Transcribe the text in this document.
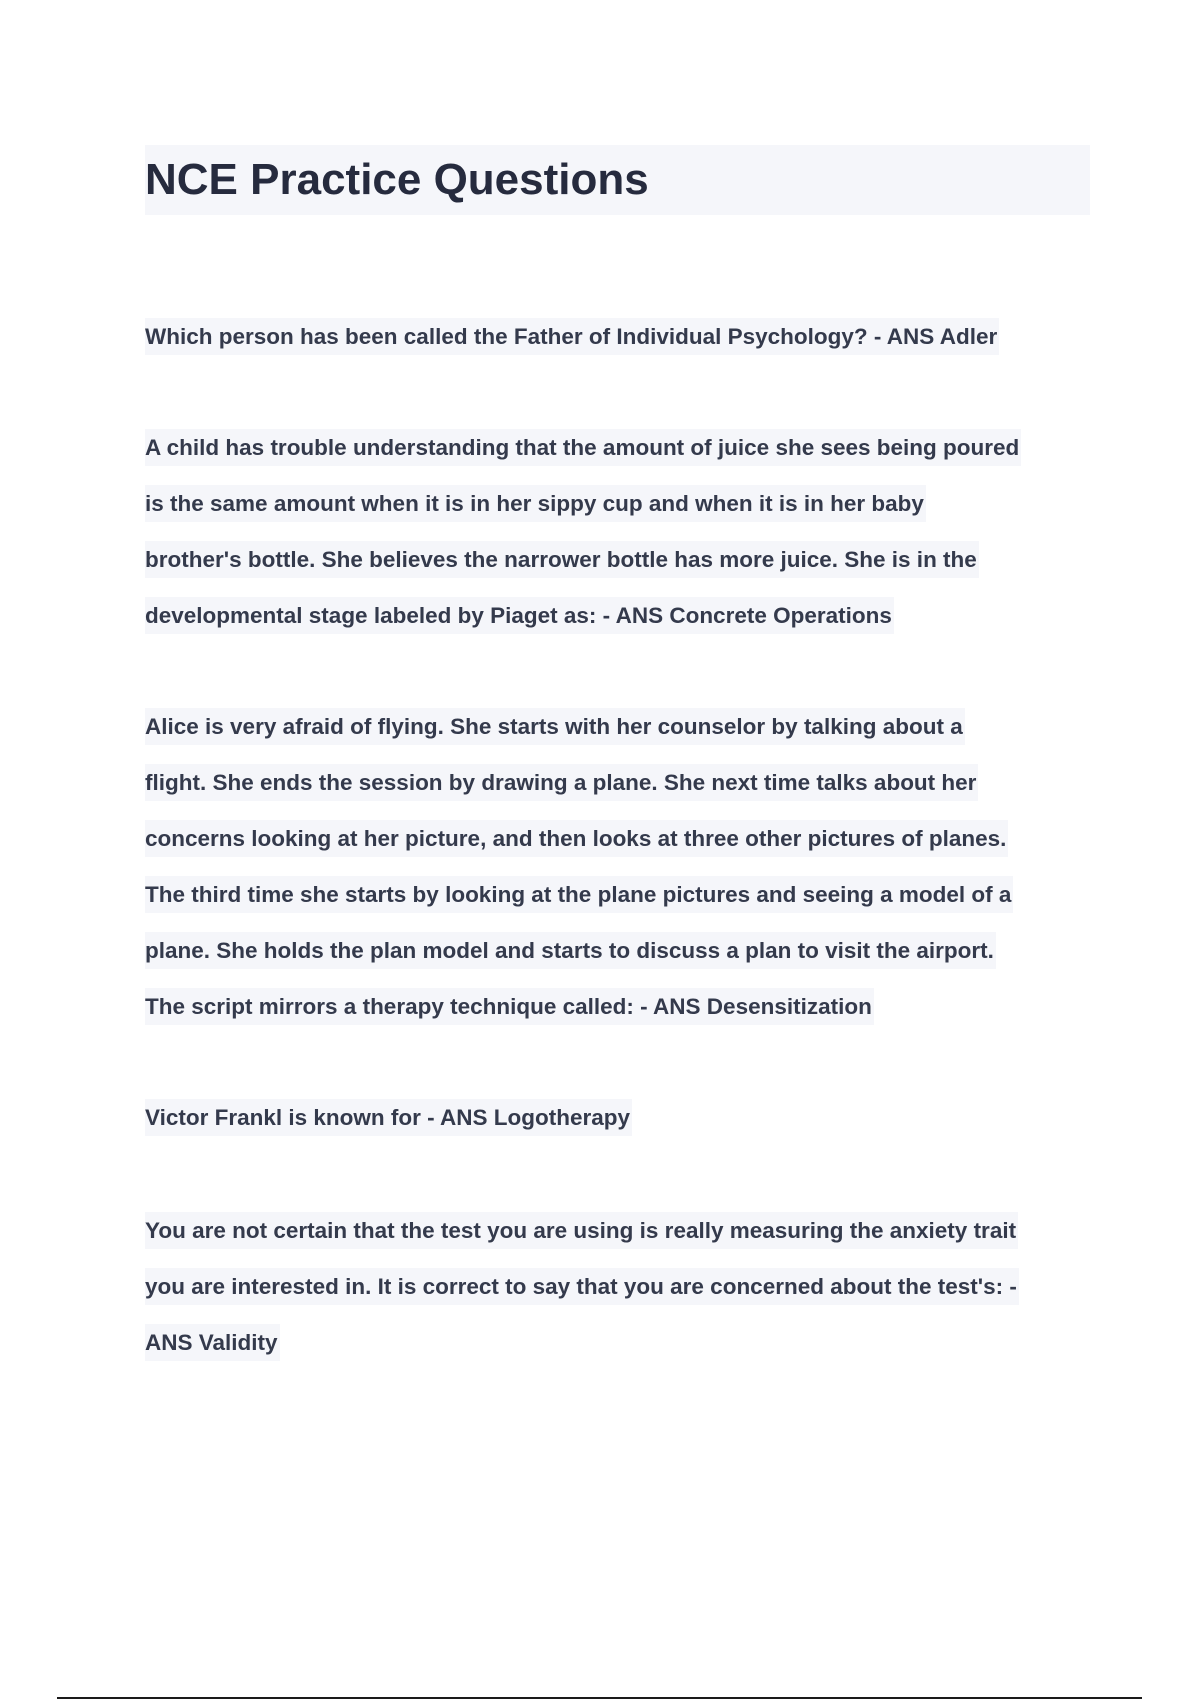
NCE Practice Questions
Which person has been called the Father of Individual Psychology? - ANS Adler
A child has trouble understanding that the amount of juice she sees being poured
is the same amount when it is in her sippy cup and when it is in her baby
brother's bottle. She believes the narrower bottle has more juice. She is in the
developmental stage labeled by Piaget as: - ANS Concrete Operations
Alice is very afraid of flying. She starts with her counselor by talking about a
flight. She ends the session by drawing a plane. She next time talks about her
concerns looking at her picture, and then looks at three other pictures of planes.
The third time she starts by looking at the plane pictures and seeing a model of a
plane. She holds the plan model and starts to discuss a plan to visit the airport.
The script mirrors a therapy technique called: - ANS Desensitization
Victor Frankl is known for - ANS Logotherapy
You are not certain that the test you are using is really measuring the anxiety trait
you are interested in. It is correct to say that you are concerned about the test's: -
ANS Validity
